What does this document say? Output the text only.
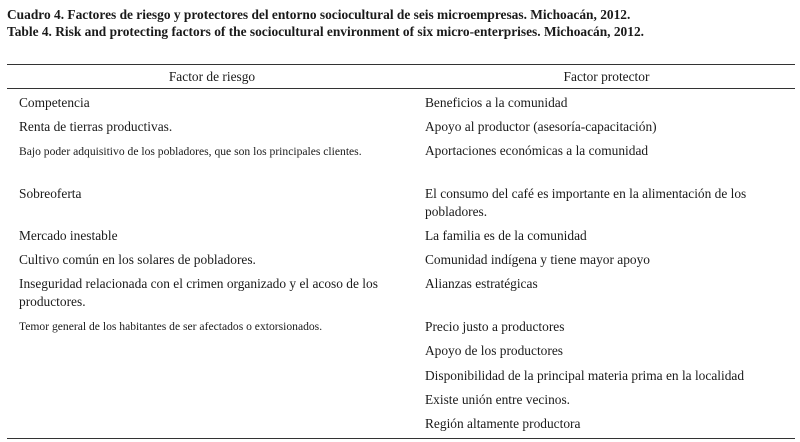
Cuadro 4. Factores de riesgo y protectores del entorno sociocultural de seis microempresas. Michoacán, 2012.
Table 4. Risk and protecting factors of the sociocultural environment of six micro-enterprises. Michoacán, 2012.
Factor de riesgo	Factor protector
Competencia
Renta de tierras productivas.
Bajo poder adquisitivo de los pobladores, que son los principales clientes.
Sobreoferta
Mercado inestable
Cultivo común en los solares de pobladores.
Inseguridad relacionada con el crimen organizado y el acoso de los productores.
Temor general de los habitantes de ser afectados o extorsionados.
Beneficios a la comunidad
Apoyo al productor (asesoría-capacitación)
Aportaciones económicas a la comunidad
El consumo del café es importante en la alimentación de los pobladores.
La familia es de la comunidad
Comunidad indígena y tiene mayor apoyo
Alianzas estratégicas
Precio justo a productores
Apoyo de los productores
Disponibilidad de la principal materia prima en la localidad
Existe unión entre vecinos.
Región altamente productora
